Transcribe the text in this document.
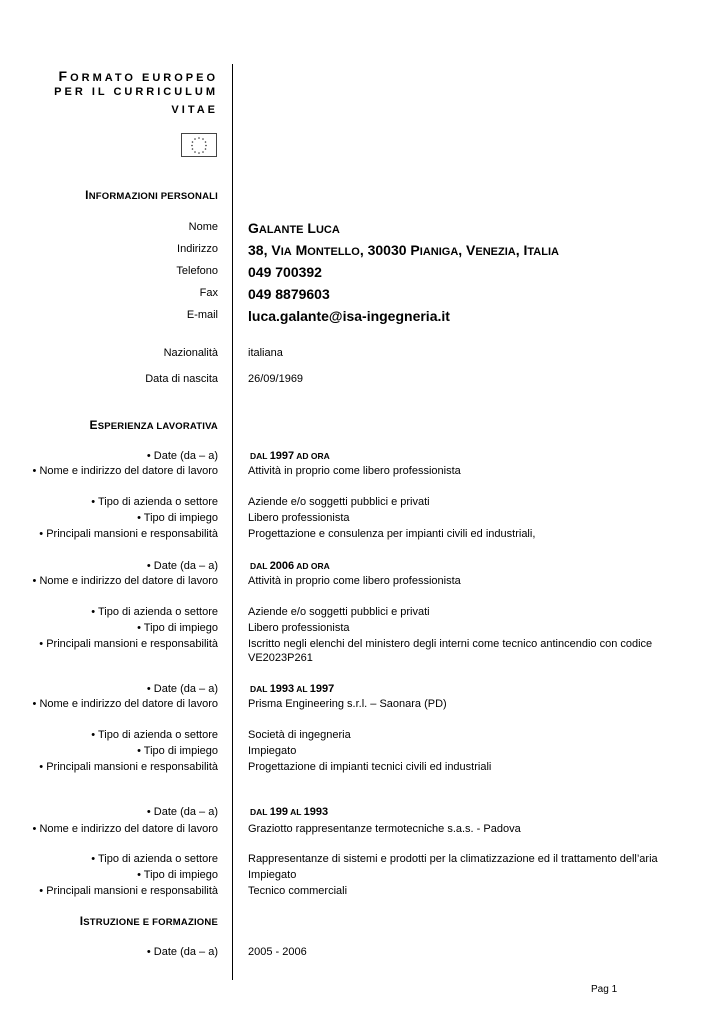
FORMATO EUROPEO
PER IL CURRICULUM
VITAE
INFORMAZIONI PERSONALI
Nome GALANTE LUCA
Indirizzo 38, VIA MONTELLO, 30030 PIANIGA, VENEZIA, ITALIA
Telefono 049 700392
Fax 049 8879603
E-mail luca.galante@isa-ingegneria.it
Nazionalità	italiana
Data di nascita	26/09/1969
ESPERIENZA LAVORATIVA
• Date (da – a)	DAL 1997 AD ORA
• Nome e indirizzo del datore di lavoro	Attività in proprio come libero professionista
• Tipo di azienda o settore	Aziende e/o soggetti pubblici e privati
• Tipo di impiego	Libero professionista
• Principali mansioni e responsabilità	Progettazione e consulenza per impianti civili ed industriali,
• Date (da – a)	DAL 2006 AD ORA
• Nome e indirizzo del datore di lavoro	Attività in proprio come libero professionista
• Tipo di azienda o settore	Aziende e/o soggetti pubblici e privati
• Tipo di impiego	Libero professionista
• Principali mansioni e responsabilità	Iscritto negli elenchi del ministero degli interni come tecnico antincendio con codice VE2023P261
• Date (da – a)	DAL 1993 AL 1997
• Nome e indirizzo del datore di lavoro	Prisma Engineering s.r.l. – Saonara (PD)
• Tipo di azienda o settore	Società di ingegneria
• Tipo di impiego	Impiegato
• Principali mansioni e responsabilità	Progettazione di impianti tecnici civili ed industriali
• Date (da – a)	DAL 199 AL 1993
• Nome e indirizzo del datore di lavoro	Graziotto rappresentanze termotecniche s.a.s. - Padova
• Tipo di azienda o settore	Rappresentanze di sistemi e prodotti per la climatizzazione ed il trattamento dell’aria
• Tipo di impiego	Impiegato
• Principali mansioni e responsabilità	Tecnico commerciali
ISTRUZIONE E FORMAZIONE
• Date (da – a)	2005 - 2006
Pag 1
